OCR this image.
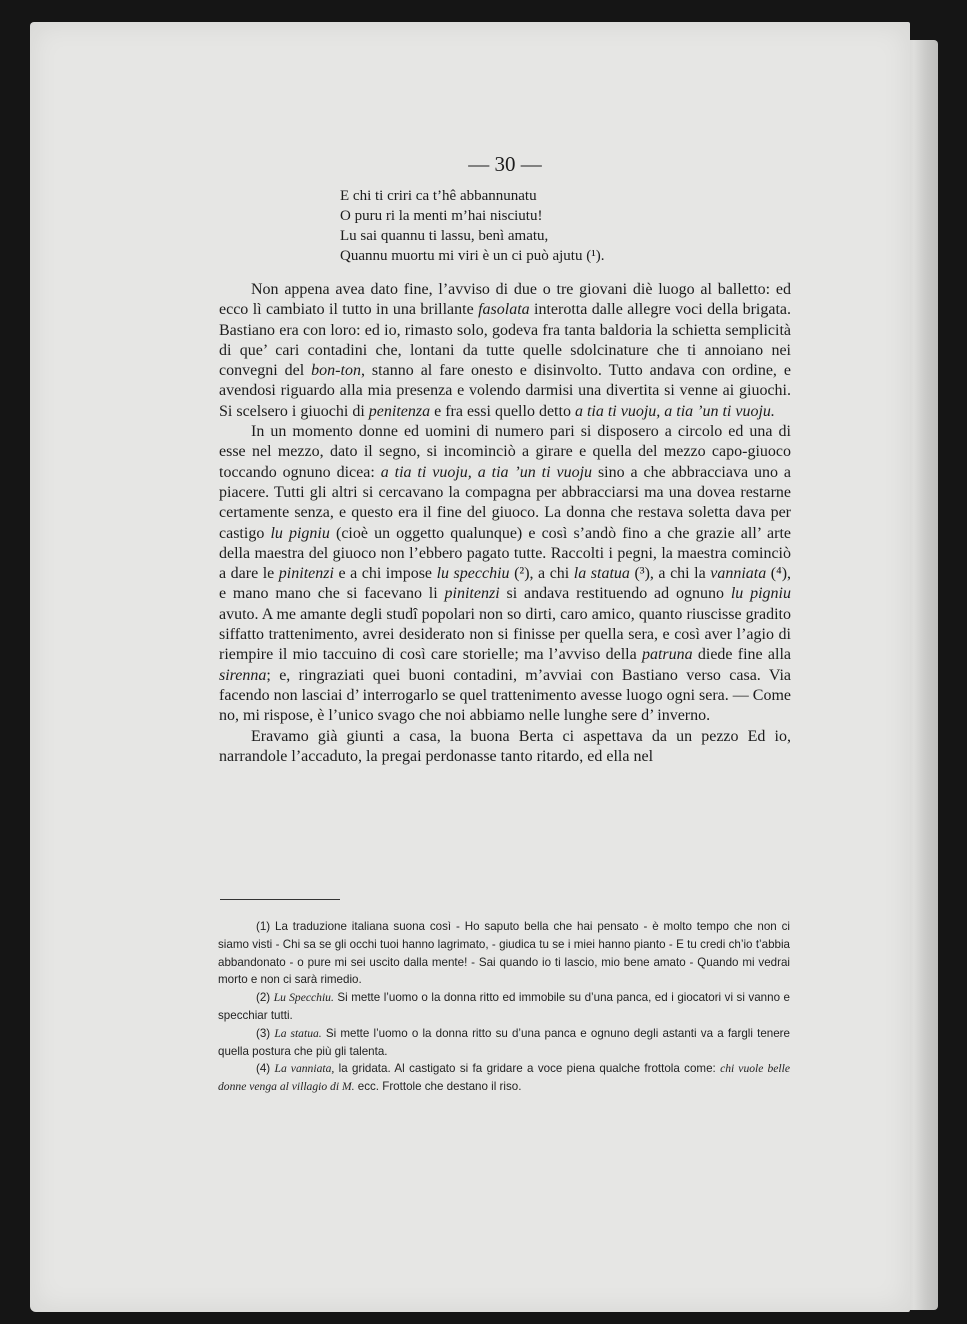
— 30 —
E chi ti criri ca t’hê abbannunatu
O puru ri la menti m’hai nisciutu!
Lu sai quannu ti lassu, benì amatu,
Quannu muortu mi viri è un ci può ajutu (¹).

Non appena avea dato fine, l’avviso di due o tre giovani diè luogo al balletto: ed ecco lì cambiato il tutto in una brillante fasolata interotta dalle allegre voci della brigata. Bastiano era con loro: ed io, rimasto solo, godeva fra tanta baldoria la schietta semplicità di que’ cari contadini che, lontani da tutte quelle sdolcinature che ti annoiano nei convegni del bon-ton, stanno al fare onesto e disinvolto. Tutto andava con ordine, e avendosi riguardo alla mia presenza e volendo darmisi una divertita si venne ai giuochi. Si scelsero i giuochi di penitenza e fra essi quello detto a tia ti vuoju, a tia ’un ti vuoju.

In un momento donne ed uomini di numero pari si disposero a circolo ed una di esse nel mezzo, dato il segno, si incominciò a girare e quella del mezzo capo-giuoco toccando ognuno dicea: a tia ti vuoju, a tia ’un ti vuoju sino a che abbracciava uno a piacere. Tutti gli altri si cercavano la compagna per abbracciarsi ma una dovea restarne certamente senza, e questo era il fine del giuoco. La donna che restava soletta dava per castigo lu pigniu (cioè un oggetto qualunque) e così s’andò fino a che grazie all’ arte della maestra del giuoco non l’ebbero pagato tutte. Raccolti i pegni, la maestra cominciò a dare le pinitenzi e a chi impose lu specchiu (²), a chi la statua (³), a chi la vanniata (⁴), e mano mano che si facevano li pinitenzi si andava restituendo ad ognuno lu pigniu avuto. A me amante degli studî popolari non so dirti, caro amico, quanto riuscisse gradito siffatto trattenimento, avrei desiderato non si finisse per quella sera, e così aver l’agio di riempire il mio taccuino di così care storielle; ma l’avviso della patruna diede fine alla sirenna; e, ringraziati quei buoni contadini, m’avviai con Bastiano verso casa. Via facendo non lasciai d’ interrogarlo se quel trattenimento avesse luogo ogni sera. — Come no, mi rispose, è l’unico svago che noi abbiamo nelle lunghe sere d’ inverno.

Eravamo già giunti a casa, la buona Berta ci aspettava da un pezzo Ed io, narrandole l’accaduto, la pregai perdonasse tanto ritardo, ed ella nel

(1) La traduzione italiana suona così - Ho saputo bella che hai pensato - è molto tempo che non ci siamo visti - Chi sa se gli occhi tuoi hanno lagrimato, - giudica tu se i miei hanno pianto - E tu credi ch’io t’abbia abbandonato - o pure mi sei uscito dalla mente! - Sai quando io ti lascio, mio bene amato - Quando mi vedrai morto e non ci sarà rimedio.

(2) Lu Specchiu. Si mette l’uomo o la donna ritto ed immobile su d’una panca, ed i giocatori vi si vanno e specchiar tutti.

(3) La statua. Si mette l’uomo o la donna ritto su d’una panca e ognuno degli astanti va a fargli tenere quella postura che più gli talenta.

(4) La vanniata, la gridata. Al castigato si fa gridare a voce piena qualche frottola come: chi vuole belle donne venga al villagio di M. ecc. Frottole che destano il riso.
